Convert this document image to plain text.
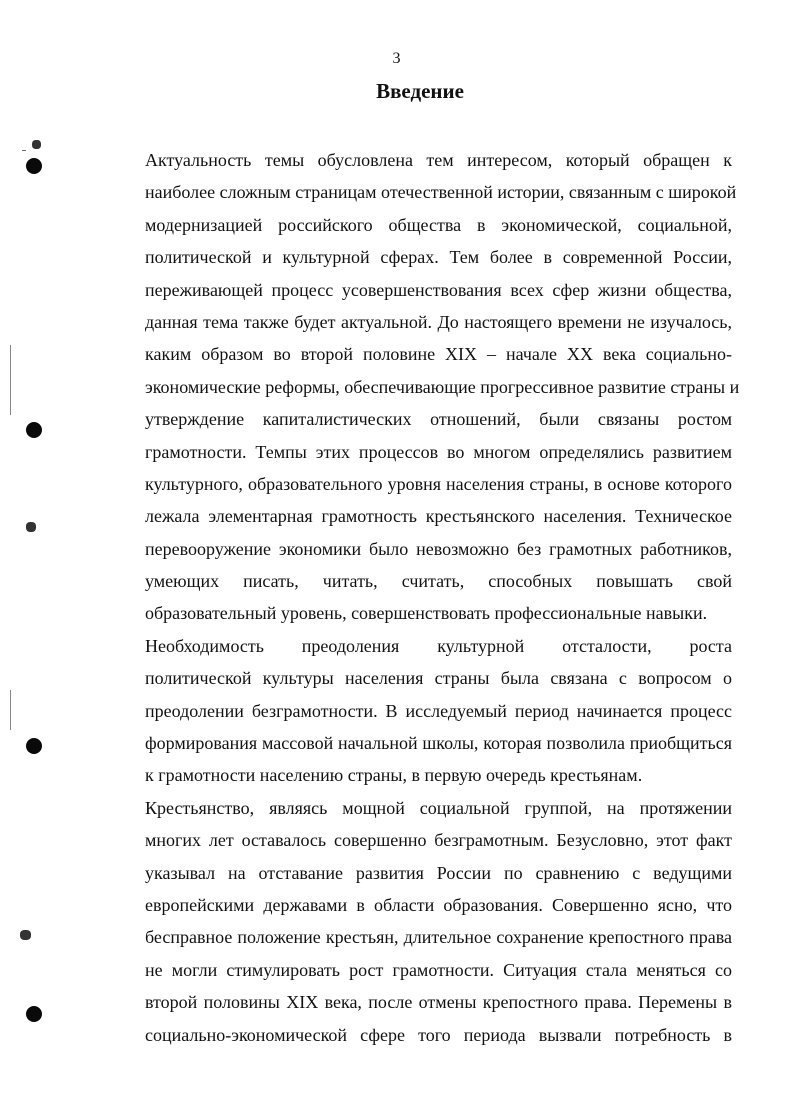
3
Введение

Актуальность темы обусловлена тем интересом, который обращен к
наиболее сложным страницам отечественной истории, связанным с широкой
модернизацией российского общества в экономической, социальной,
политической и культурной сферах. Тем более в современной России,
переживающей процесс усовершенствования всех сфер жизни общества,
данная тема также будет актуальной. До настоящего времени не изучалось,
каким образом во второй половине XIX – начале XX века социально-
экономические реформы, обеспечивающие прогрессивное развитие страны и
утверждение капиталистических отношений, были связаны ростом
грамотности. Темпы этих процессов во многом определялись развитием
культурного, образовательного уровня населения страны, в основе которого
лежала элементарная грамотность крестьянского населения. Техническое
перевооружение экономики было невозможно без грамотных работников,
умеющих писать, читать, считать, способных повышать свой
образовательный уровень, совершенствовать профессиональные навыки.

Необходимость преодоления культурной отсталости, роста
политической культуры населения страны была связана с вопросом о
преодолении безграмотности. В исследуемый период начинается процесс
формирования массовой начальной школы, которая позволила приобщиться
к грамотности населению страны, в первую очередь крестьянам.

Крестьянство, являясь мощной социальной группой, на протяжении
многих лет оставалось совершенно безграмотным. Безусловно, этот факт
указывал на отставание развития России по сравнению с ведущими
европейскими державами в области образования. Совершенно ясно, что
бесправное положение крестьян, длительное сохранение крепостного права
не могли стимулировать рост грамотности. Ситуация стала меняться со
второй половины XIX века, после отмены крепостного права. Перемены в
социально-экономической сфере того периода вызвали потребность в
